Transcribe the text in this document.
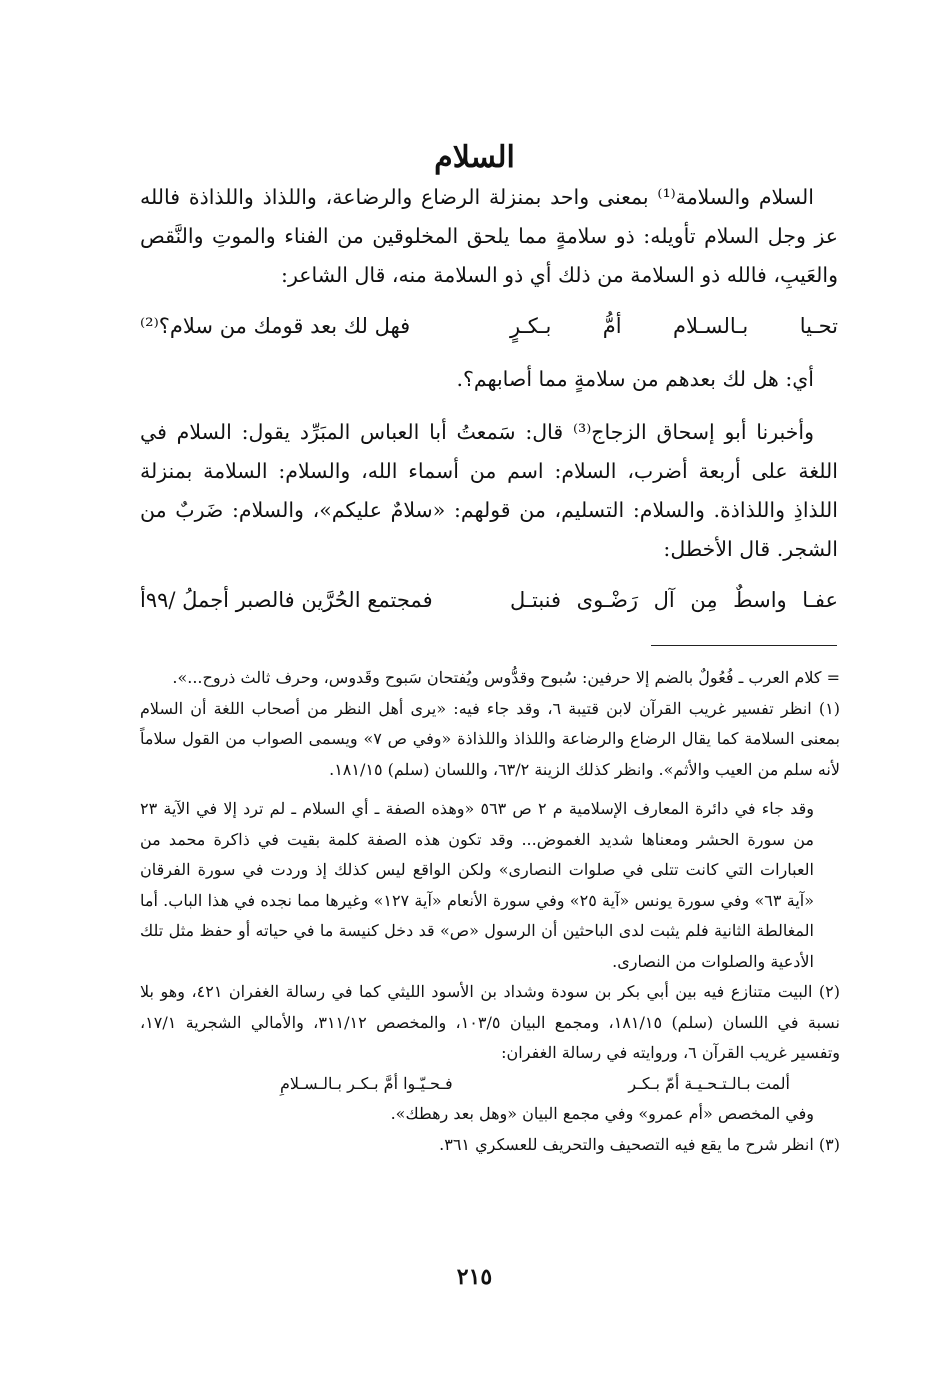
السلام

السلام والسلامة⁽¹⁾ بمعنى واحد بمنزلة الرضاع والرضاعة، واللذاذ واللذاذة فالله عز وجل السلام تأويله: ذو سلامةٍ مما يلحق المخلوقين من الفناء والموتِ والنَّقص والعَيبِ، فالله ذو السلامة من ذلك أي ذو السلامة منه، قال الشاعر:

تحـيا بـالسـلام أمُّ بـكـرٍ
فهل لك بعد قومك من سلام؟⁽²⁾

أي: هل لك بعدهم من سلامةٍ مما أصابهم؟.

وأخبرنا أبو إسحاق الزجاج⁽³⁾ قال: سَمعتُ أبا العباس المبَرِّد يقول: السلام في اللغة على أربعة أضرب، السلام: اسم من أسماء الله، والسلام: السلامة بمنزلة اللذاذِ واللذاذة. والسلام: التسليم، من قولهم: «سلامٌ عليكم»، والسلام: ضَربٌ من الشجر. قال الأخطل:

عفـا واسطٌ مِن آل رَضْـوى فنبتـل
فمجتمع الحُرَّين فالصبر أجملُ /٩٩أ

= كلام العرب ـ فُعُولٌ بالضم إلا حرفين: سُبوح وقدُّوس ويُفتحان سَبوح وقَدوس، وحرف ثالث ذروح...».

(١) انظر تفسير غريب القرآن لابن قتيبة ٦، وقد جاء فيه: «يرى أهل النظر من أصحاب اللغة أن السلام بمعنى السلامة كما يقال الرضاع والرضاعة واللذاذ واللذاذة «وفي ص ٧» ويسمى الصواب من القول سلاماً لأنه سلم من العيب والأثم». وانظر كذلك الزينة ٦٣/٢، واللسان (سلم) ١٨١/١٥.

وقد جاء في دائرة المعارف الإسلامية م ٢ ص ٥٦٣ «وهذه الصفة ـ أي السلام ـ لم ترد إلا في الآية ٢٣ من سورة الحشر ومعناها شديد الغموض... وقد تكون هذه الصفة كلمة بقيت في ذاكرة محمد من العبارات التي كانت تتلى في صلوات النصارى» ولكن الواقع ليس كذلك إذ وردت في سورة الفرقان «آية ٦٣» وفي سورة يونس «آية ٢٥» وفي سورة الأنعام «آية ١٢٧» وغيرها مما نجده في هذا الباب. أما المغالطة الثانية فلم يثبت لدى الباحثين أن الرسول «ص» قد دخل كنيسة ما في حياته أو حفظ مثل تلك الأدعية والصلوات من النصارى.

(٢) البيت متنازع فيه بين أبي بكر بن سودة وشداد بن الأسود الليثي كما في رسالة الغفران ٤٢١، وهو بلا نسبة في اللسان (سلم) ١٨١/١٥، ومجمع البيان ١٠٣/٥، والمخصص ٣١١/١٢، والأمالي الشجرية ١٧/١، وتفسير غريب القرآن ٦، وروايته في رسالة الغفران:

ألمت بـالـتـحـيـة أمّ بـكـر
فـحـيّـوا أمَّ بـكـر بـالـسـلامِ

وفي المخصص «أم عمرو» وفي مجمع البيان «وهل بعد رهطك».

(٣) انظر شرح ما يقع فيه التصحيف والتحريف للعسكري ٣٦١.

٢١٥
